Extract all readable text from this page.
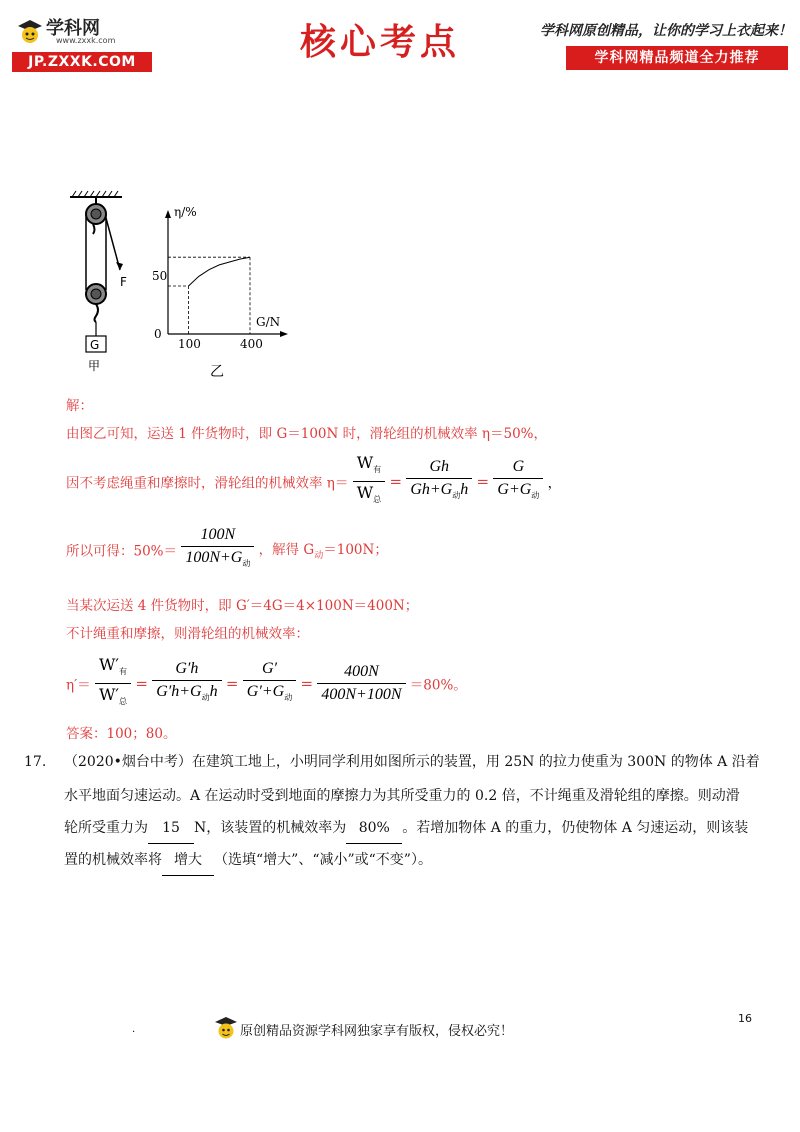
学科网
www.zxxk.com
JP.ZXXK.COM	核心考点	学科网原创精品，让你的学习上衣起来！
学科网精品频道全力推荐
F
G
甲
η/%
G/N
0
50
100	400
乙
解：
由图乙可知，运送 1 件货物时，即 G＝100N 时，滑轮组的机械效率 η＝50%，
因不考虑绳重和摩擦时，滑轮组的机械效率 $\eta= \frac{W_有}{W_总} = \frac{Gh}{Gh+G_动h} = \frac{G}{G+G_动}$ ，
所以可得：$50\%= \frac{100N}{100N+G_动}$ ，解得 $G_动=100N$；
当某次运送 4 件货物时，即 G′＝4G＝4×100N＝400N；
不计绳重和摩擦，则滑轮组的机械效率：
$\eta'= \frac{W'_有}{W'_总} = \frac{G'h}{G'h+G_动h} = \frac{G'}{G'+G_动} = \frac{400N}{400N+100N} =80\%$。
答案：100；80。
17. （2020•烟台中考）在建筑工地上，小明同学利用如图所示的装置，用 25N 的拉力使重为 300N 的物体 A 沿着
水平地面匀速运动。A 在运动时受到地面的摩擦力为其所受重力的 0.2 倍，不计绳重及滑轮组的摩擦。则动滑
轮所受重力为 15 N，该装置的机械效率为 80% 。若增加物体 A 的重力，仍使物体 A 匀速运动，则该装
置的机械效率将 增大 （选填“增大”、“减小”或“不变”）。
16
.	原创精品资源学科网独家享有版权，侵权必究！
